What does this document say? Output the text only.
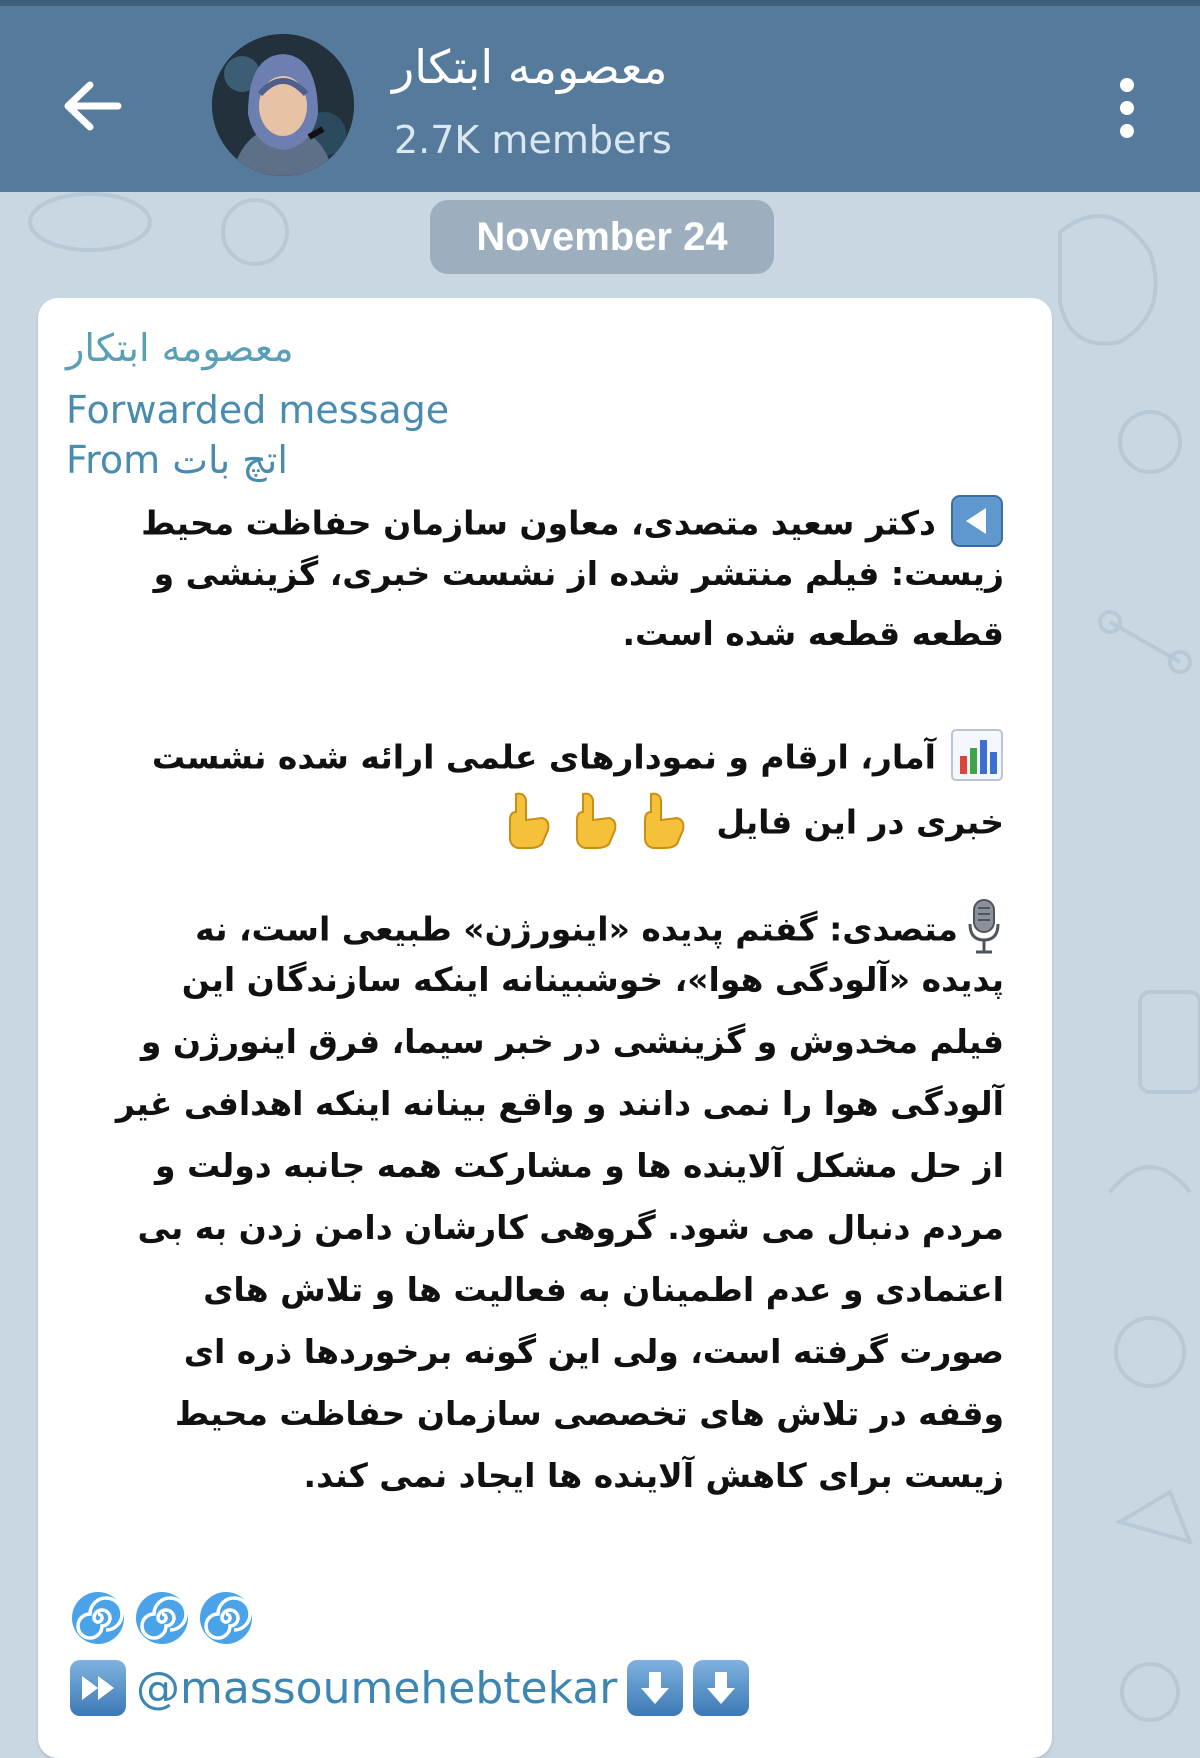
معصومه ابتکار
2.7K members
November 24
معصومه ابتکار
Forwarded message
From اتچ بات
دکتر سعید متصدی، معاون سازمان حفاظت محیط
زیست: فیلم منتشر شده از نشست خبری، گزینشی و
قطعه قطعه شده است.
آمار، ارقام و نمودارهای علمی ارائه شده نشست
خبری در این فایل
متصدی: گفتم پدیده «اینورژن» طبیعی است، نه
پدیده «آلودگی هوا»، خوشبینانه اینکه سازندگان این
فیلم مخدوش و گزینشی در خبر سیما، فرق اینورژن و
آلودگی هوا را نمی دانند و واقع بینانه اینکه اهدافی غیر
از حل مشکل آلاینده ها و مشارکت همه جانبه دولت و
مردم دنبال می شود. گروهی کارشان دامن زدن به بی
اعتمادی و عدم اطمینان به فعالیت ها و تلاش های
صورت گرفته است، ولی این گونه برخوردها ذره ای
وقفه در تلاش های تخصصی سازمان حفاظت محیط
زیست برای کاهش آلاینده ها ایجاد نمی کند.
@massoumehebtekar
